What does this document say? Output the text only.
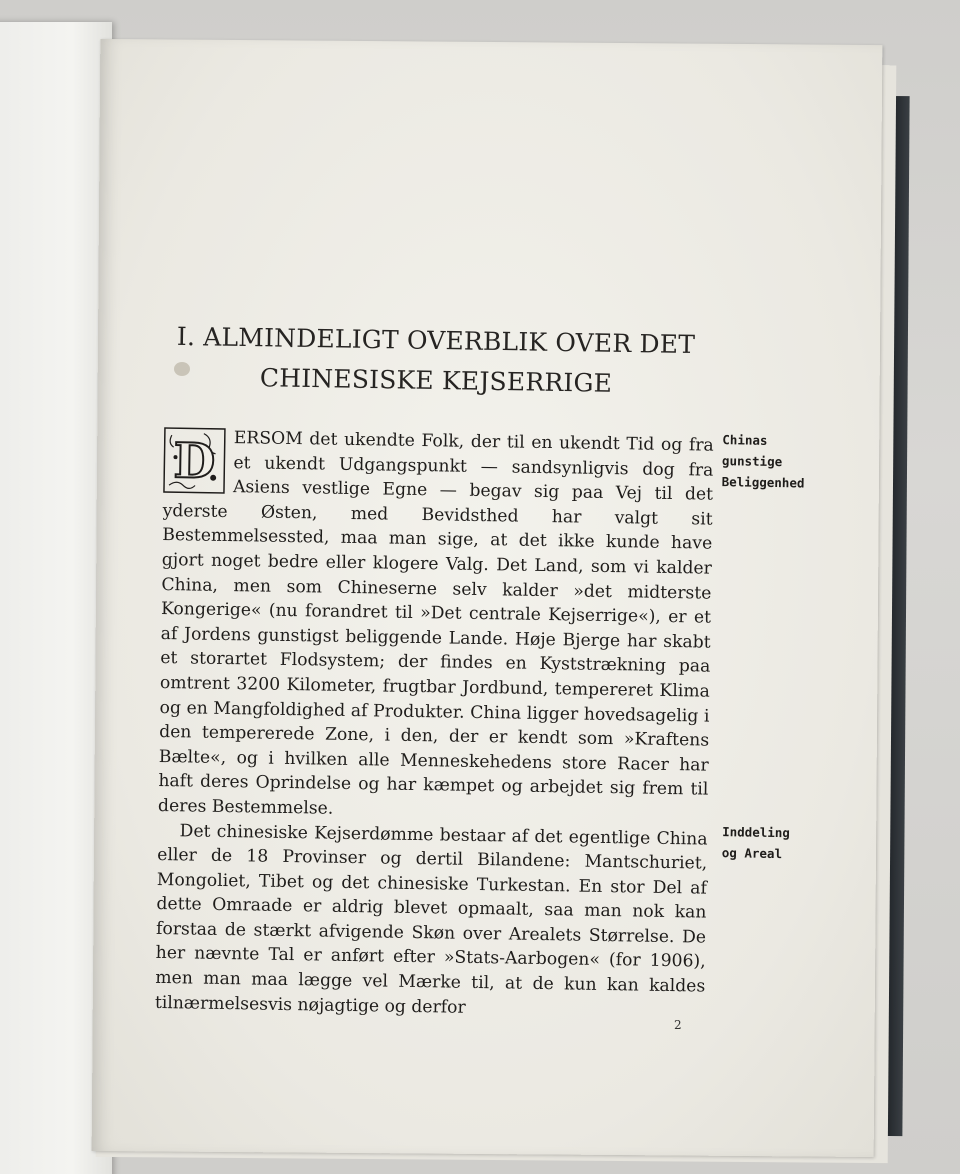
I. ALMINDELIGT OVERBLIK OVER DET
CHINESISKE KEJSERRIGE
D	ERSOM det ukendte Folk, der til en ukendt Tid og fra et ukendt Udgangspunkt — sandsynligvis dog fra Asiens vestlige Egne — begav sig paa Vej til det yderste Østen, med Bevidsthed har valgt sit Bestemmelsessted, maa man sige, at det ikke kunde have gjort noget bedre eller klogere Valg. Det Land, som vi kalder China, men som Chineserne selv kalder »det midterste Kongerige« (nu forandret til »Det centrale Kejserrige«), er et af Jordens gunstigst beliggende Lande. Høje Bjerge har skabt et storartet Flodsystem; der findes en Kyststrækning paa omtrent 3200 Kilometer, frugtbar Jordbund, tempereret Klima og en Mangfoldighed af Produkter. China ligger hovedsagelig i den tempererede Zone, i den, der er kendt som »Kraftens Bælte«, og i hvilken alle Menneskehedens store Racer har haft deres Oprindelse og har kæmpet og arbejdet sig frem til deres Bestemmelse.

Det chinesiske Kejserdømme bestaar af det egentlige China eller de 18 Provinser og dertil Bilandene: Mantschuriet, Mongoliet, Tibet og det chinesiske Turkestan. En stor Del af dette Omraade er aldrig blevet opmaalt, saa man nok kan forstaa de stærkt afvigende Skøn over Arealets Størrelse. De her nævnte Tal er anført efter »Stats-Aarbogen« (for 1906), men man maa lægge vel Mærke til, at de kun kan kaldes tilnærmelsesvis nøjagtige og derfor

Chinas
gunstige
Beliggenhed
Inddeling
og Areal
2
